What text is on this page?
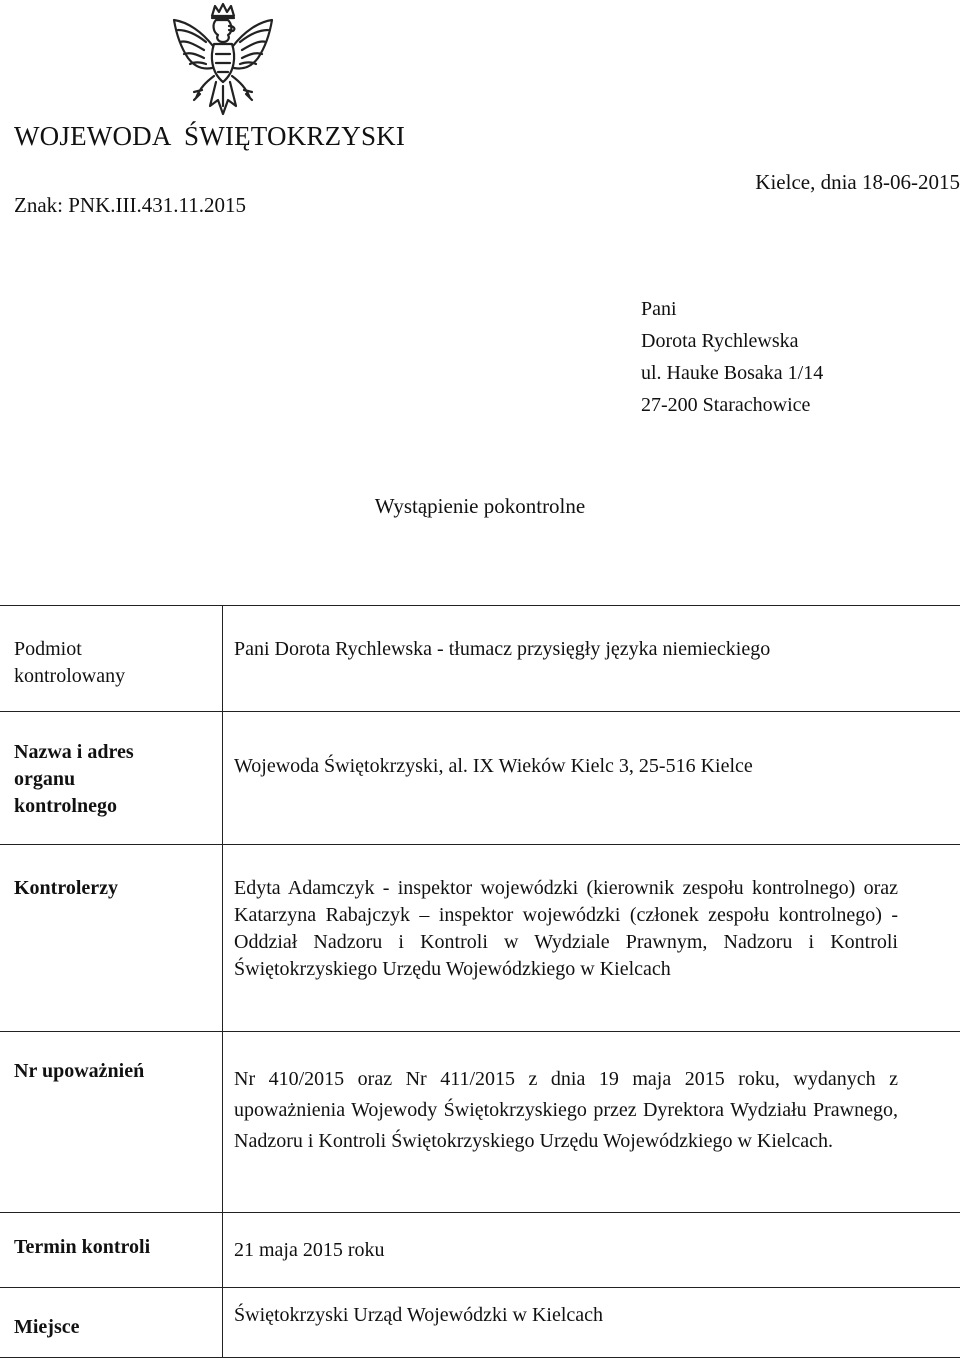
WOJEWODA  ŚWIĘTOKRZYSKI
Znak: PNK.III.431.11.2015
Kielce, dnia 18-06-2015
Pani
Dorota Rychlewska
ul. Hauke Bosaka 1/14
27-200 Starachowice
Wystąpienie pokontrolne
Podmiot kontrolowany	Pani Dorota Rychlewska - tłumacz przysięgły języka niemieckiego

Nazwa i adres organu kontrolnego	Wojewoda Świętokrzyski, al. IX Wieków Kielc 3, 25-516 Kielce

Kontrolerzy	Edyta Adamczyk - inspektor wojewódzki (kierownik zespołu kontrolnego) oraz Katarzyna Rabajczyk – inspektor wojewódzki (członek zespołu kontrolnego) - Oddział Nadzoru i Kontroli w Wydziale Prawnym, Nadzoru i Kontroli Świętokrzyskiego Urzędu Wojewódzkiego w Kielcach

Nr upoważnień	Nr 410/2015 oraz Nr 411/2015 z dnia 19 maja 2015 roku, wydanych z upoważnienia Wojewody Świętokrzyskiego przez Dyrektora Wydziału Prawnego, Nadzoru i Kontroli Świętokrzyskiego Urzędu Wojewódzkiego w Kielcach.

Termin kontroli	21 maja 2015 roku

Miejsce	Świętokrzyski Urząd Wojewódzki w Kielcach
